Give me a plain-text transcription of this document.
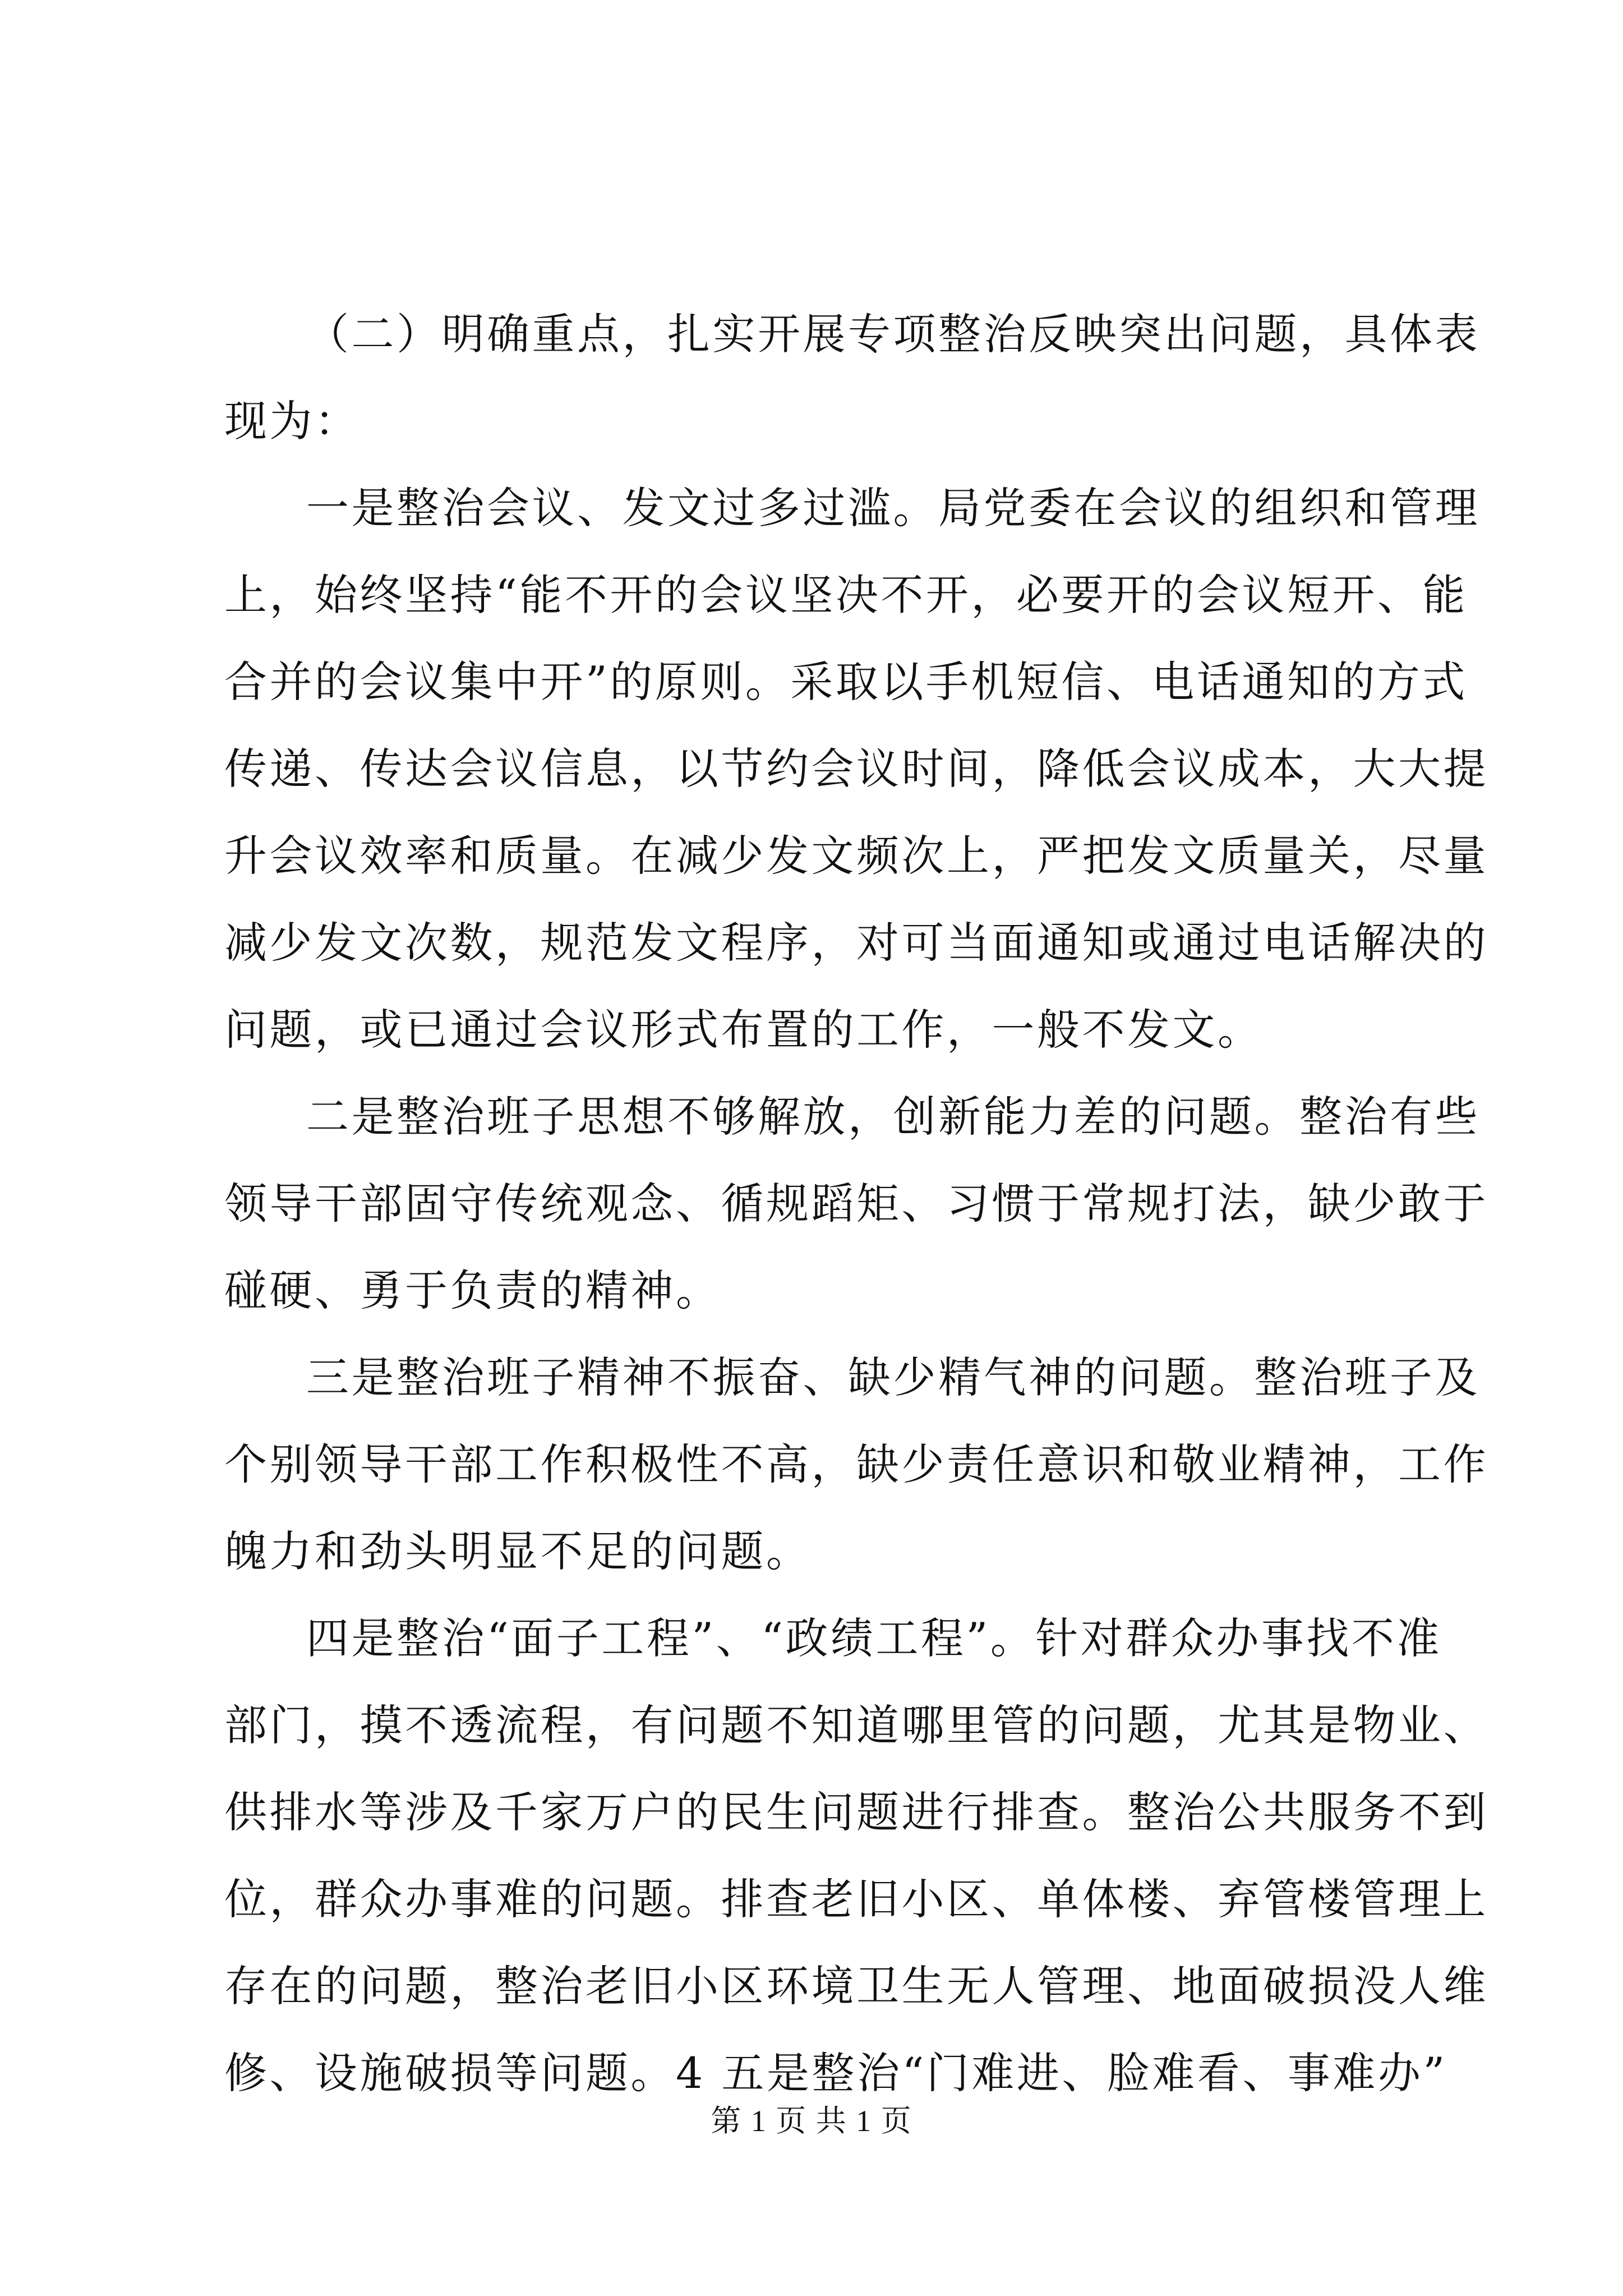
（二）明确重点，扎实开展专项整治反映突出问题，具体表
现为：
一是整治会议、发文过多过滥。局党委在会议的组织和管理
上，始终坚持“能不开的会议坚决不开，必要开的会议短开、能
合并的会议集中开”的原则。采取以手机短信、电话通知的方式
传递、传达会议信息，以节约会议时间，降低会议成本，大大提
升会议效率和质量。在减少发文频次上，严把发文质量关，尽量
减少发文次数，规范发文程序，对可当面通知或通过电话解决的
问题，或已通过会议形式布置的工作，一般不发文。
二是整治班子思想不够解放，创新能力差的问题。整治有些
领导干部固守传统观念、循规蹈矩、习惯于常规打法，缺少敢于
碰硬、勇于负责的精神。
三是整治班子精神不振奋、缺少精气神的问题。整治班子及
个别领导干部工作积极性不高，缺少责任意识和敬业精神，工作
魄力和劲头明显不足的问题。
四是整治“面子工程”、“政绩工程”。针对群众办事找不准
部门，摸不透流程，有问题不知道哪里管的问题，尤其是物业、
供排水等涉及千家万户的民生问题进行排查。整治公共服务不到
位，群众办事难的问题。排查老旧小区、单体楼、弃管楼管理上
存在的问题，整治老旧小区环境卫生无人管理、地面破损没人维
修、设施破损等问题。4 五是整治“门难进、脸难看、事难办”
第 1 页 共 1 页
